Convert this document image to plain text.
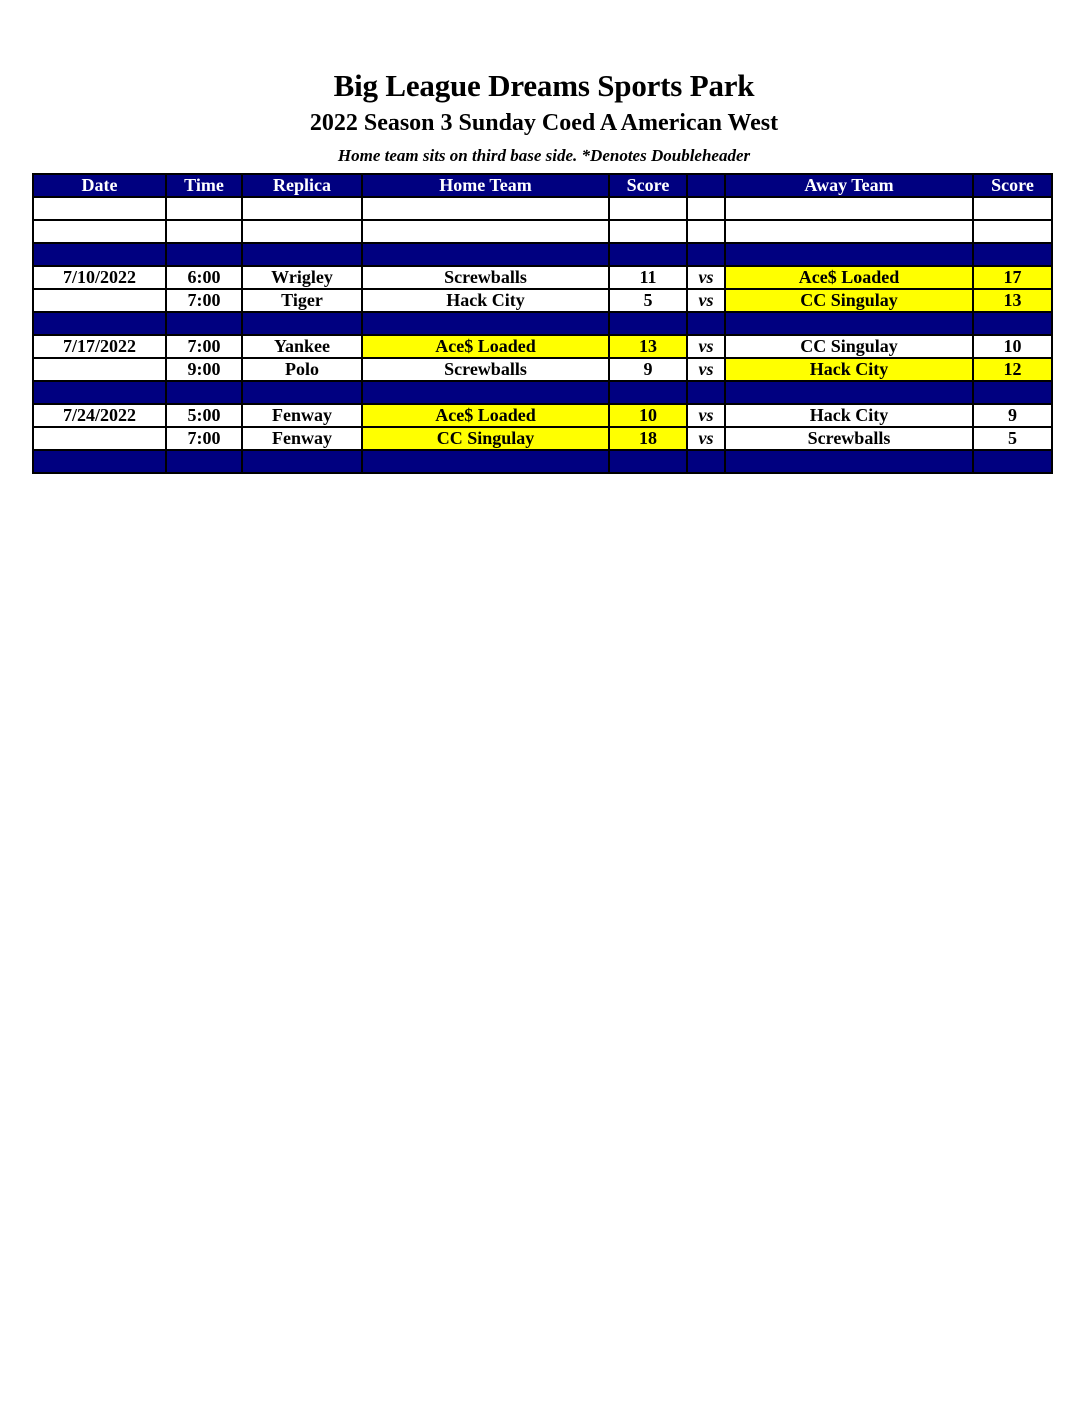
Big League Dreams Sports Park
2022 Season 3 Sunday Coed A American West
Home team sits on third base side. *Denotes Doubleheader
Date	Time	Replica	Home Team	Score		Away Team	Score

7/10/2022	6:00	Wrigley	Screwballs	11	vs	Ace$ Loaded	17
	7:00	Tiger	Hack City	5	vs	CC Singulay	13

7/17/2022	7:00	Yankee	Ace$ Loaded	13	vs	CC Singulay	10
	9:00	Polo	Screwballs	9	vs	Hack City	12

7/24/2022	5:00	Fenway	Ace$ Loaded	10	vs	Hack City	9
	7:00	Fenway	CC Singulay	18	vs	Screwballs	5
